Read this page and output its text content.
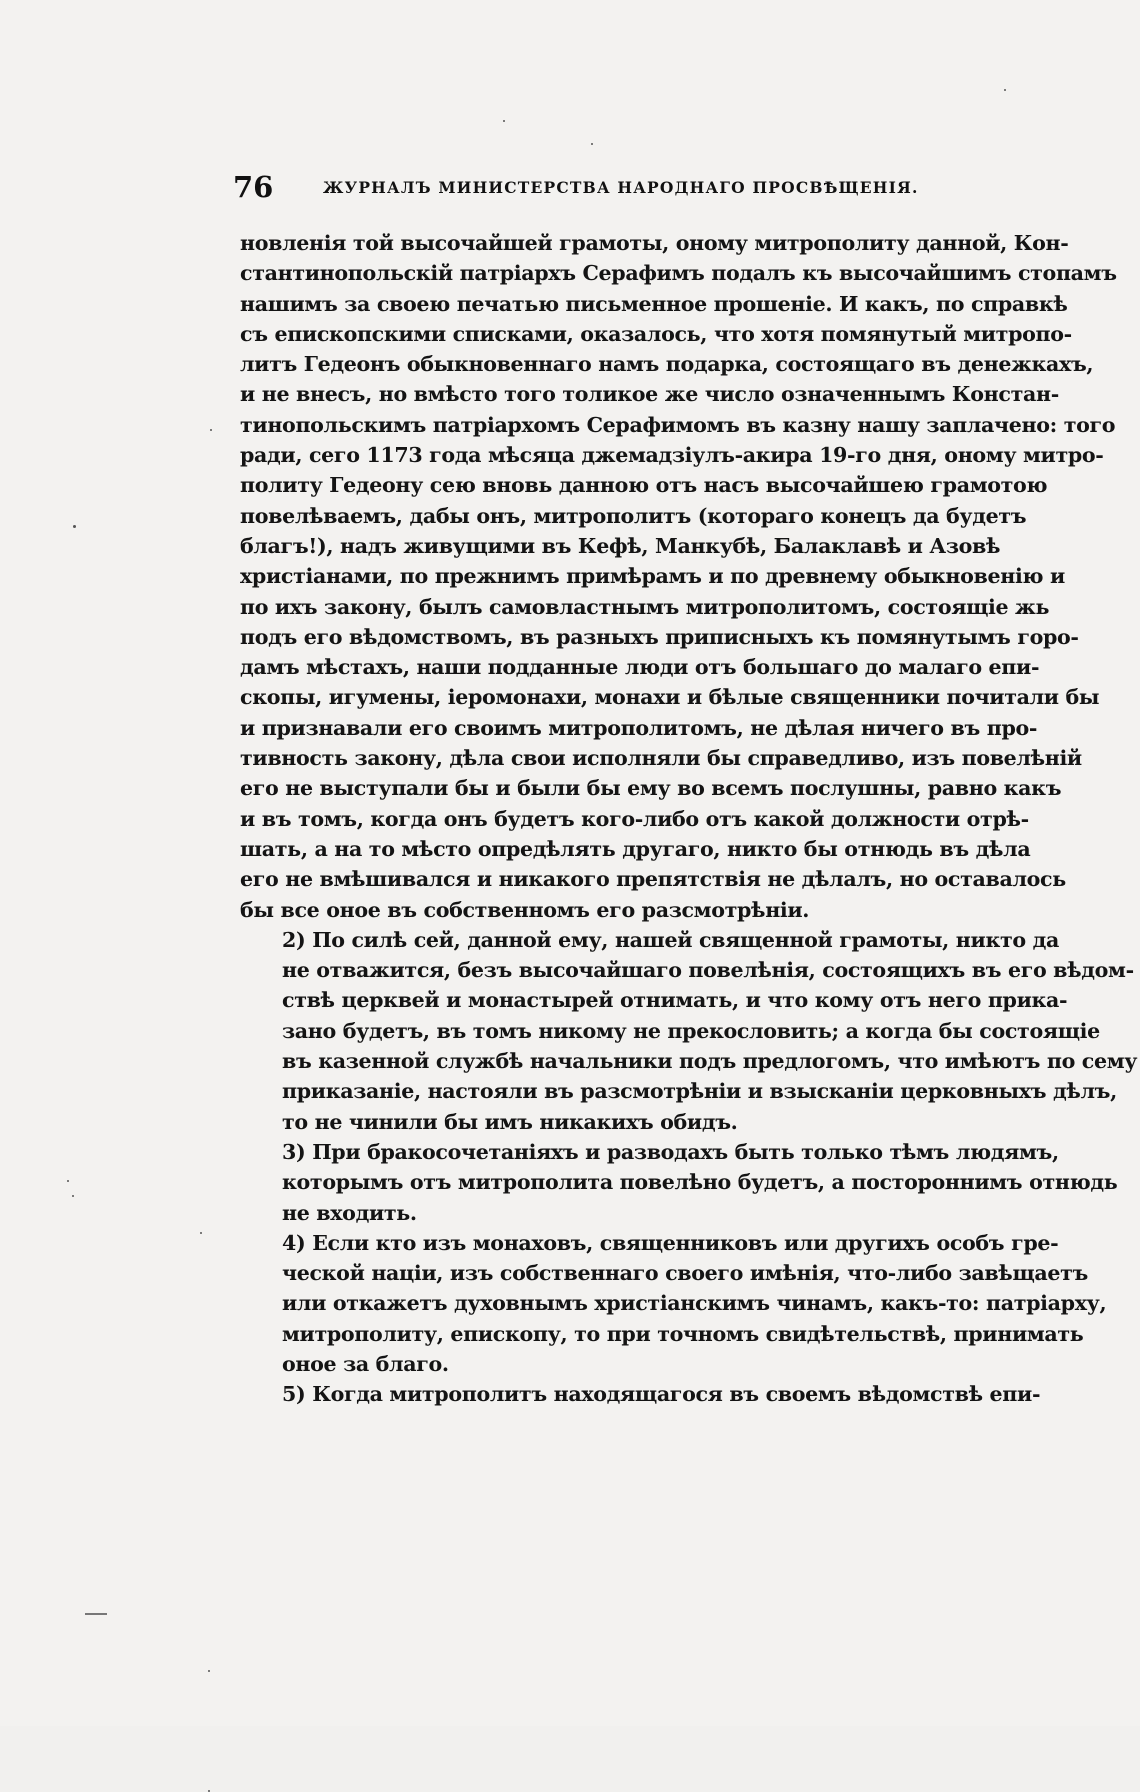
76	ЖУРНАЛЪ МИНИСТЕРСТВА НАРОДНАГО ПРОСВѢЩЕНІЯ.

новленія той высочайшей грамоты, оному митрополиту данной, Кон-
стантинопольскій патріархъ Серафимъ подалъ къ высочайшимъ стопамъ
нашимъ за своею печатью письменное прошеніе. И какъ, по справкѣ
съ епископскими списками, оказалось, что хотя помянутый митропо-
литъ Гедеонъ обыкновеннаго намъ подарка, состоящаго въ денежкахъ,
и не внесъ, но вмѣсто того толикое же число означеннымъ Констан-
тинопольскимъ патріархомъ Серафимомъ въ казну нашу заплачено: того
ради, сего 1173 года мѣсяца джемадзіулъ-акира 19-го дня, оному митро-
политу Гедеону сею вновь данною отъ насъ высочайшею грамотою
повелѣваемъ, дабы онъ, митрополитъ (котораго конецъ да будетъ
благъ!), надъ живущими въ Кефѣ, Манкубѣ, Балаклавѣ и Азовѣ
христіанами, по прежнимъ примѣрамъ и по древнему обыкновенію и
по ихъ закону, былъ самовластнымъ митрополитомъ, состоящіе жь
подъ его вѣдомствомъ, въ разныхъ приписныхъ къ помянутымъ горо-
дамъ мѣстахъ, наши подданные люди отъ большаго до малаго епи-
скопы, игумены, іеромонахи, монахи и бѣлые священники почитали бы
и признавали его своимъ митрополитомъ, не дѣлая ничего въ про-
тивность закону, дѣла свои исполняли бы справедливо, изъ повелѣній
его не выступали бы и были бы ему во всемъ послушны, равно какъ
и въ томъ, когда онъ будетъ кого-либо отъ какой должности отрѣ-
шать, а на то мѣсто опредѣлять другаго, никто бы отнюдь въ дѣла
его не вмѣшивался и никакого препятствія не дѣлалъ, но оставалось
бы все оное въ собственномъ его разсмотрѣніи.

2) По силѣ сей, данной ему, нашей священной грамоты, никто да
не отважится, безъ высочайшаго повелѣнія, состоящихъ въ его вѣдом-
ствѣ церквей и монастырей отнимать, и что кому отъ него прика-
зано будетъ, въ томъ никому не прекословить; а когда бы состоящіе
въ казенной службѣ начальники подъ предлогомъ, что имѣютъ по сему
приказаніе, настояли въ разсмотрѣніи и взысканіи церковныхъ дѣлъ,
то не чинили бы имъ никакихъ обидъ.

3) При бракосочетаніяхъ и разводахъ быть только тѣмъ людямъ,
которымъ отъ митрополита повелѣно будетъ, а постороннимъ отнюдь
не входить.

4) Если кто изъ монаховъ, священниковъ или другихъ особъ гре-
ческой націи, изъ собственнаго своего имѣнія, что-либо завѣщаетъ
или откажетъ духовнымъ христіанскимъ чинамъ, какъ-то: патріарху,
митрополиту, епископу, то при точномъ свидѣтельствѣ, принимать
оное за благо.

5) Когда митрополитъ находящагося въ своемъ вѣдомствѣ епи-
